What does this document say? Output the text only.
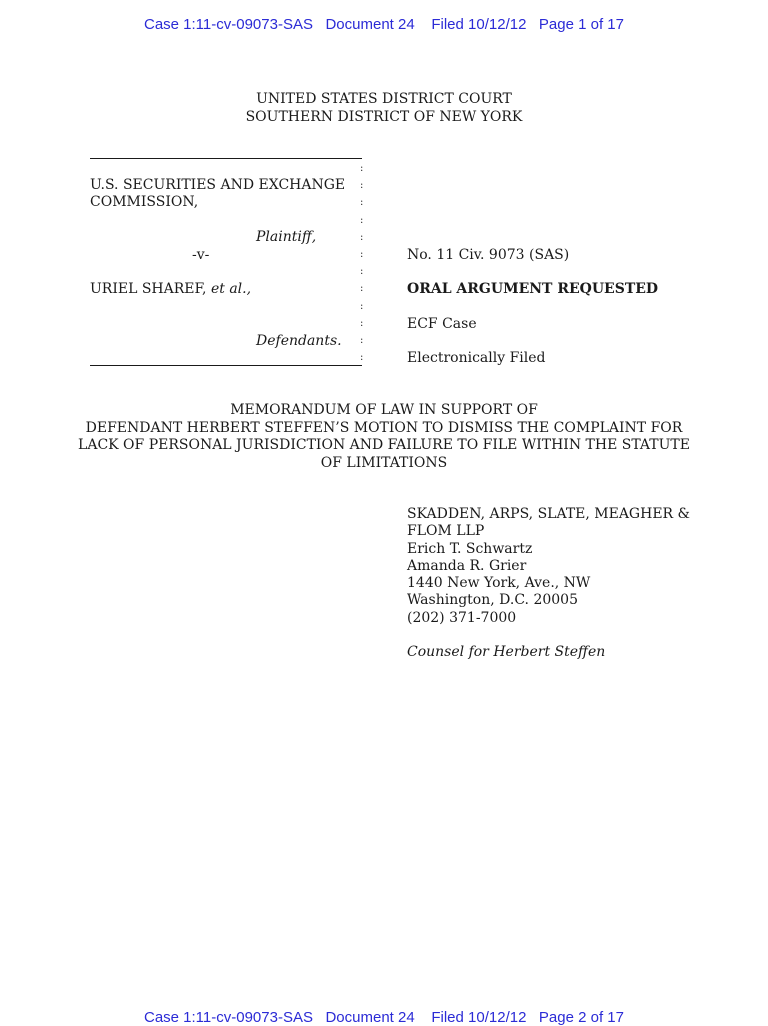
Case 1:11-cv-09073-SAS   Document 24    Filed 10/12/12   Page 1 of 17
UNITED STATES DISTRICT COURT
SOUTHERN DISTRICT OF NEW YORK
:
:
:
:
:
:
:
:
:
:
:
:
U.S. SECURITIES AND EXCHANGE COMMISSION,
Plaintiff,
-v-
URIEL SHAREF, et al.,
Defendants.
No. 11 Civ. 9073 (SAS)
ORAL ARGUMENT REQUESTED
ECF Case
Electronically Filed
MEMORANDUM OF LAW IN SUPPORT OF
DEFENDANT HERBERT STEFFEN’S MOTION TO DISMISS THE COMPLAINT FOR
LACK OF PERSONAL JURISDICTION AND FAILURE TO FILE WITHIN THE STATUTE
OF LIMITATIONS
SKADDEN, ARPS, SLATE, MEAGHER &
FLOM LLP
Erich T. Schwartz
Amanda R. Grier
1440 New York, Ave., NW
Washington, D.C. 20005
(202) 371-7000
Counsel for Herbert Steffen
Case 1:11-cv-09073-SAS   Document 24    Filed 10/12/12   Page 2 of 17
